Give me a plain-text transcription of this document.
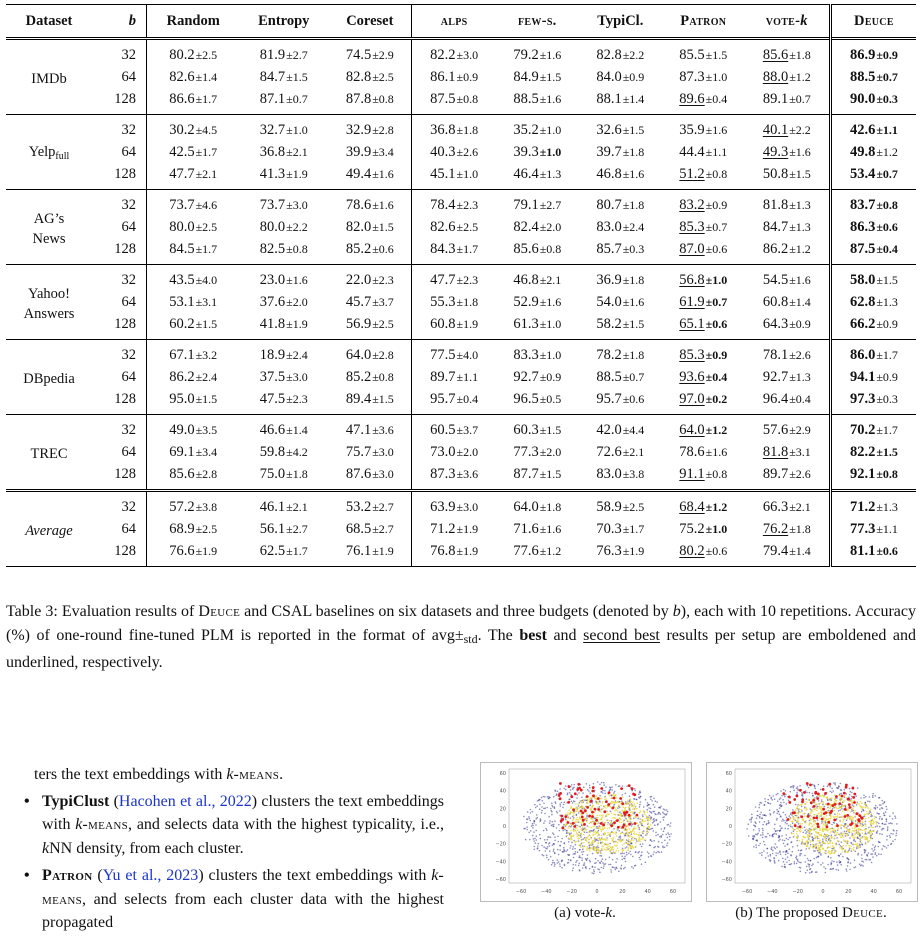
Dataset	b	Random	Entropy	Coreset	alps	few-s.	TypiCl.	Patron	vote-k	Deuce
IMDb	32	80.2±2.5	81.9±2.7	74.5±2.9	82.2±3.0	79.2±1.6	82.8±2.2	85.5±1.5	85.6±1.8	86.9±0.9
	64	82.6±1.4	84.7±1.5	82.8±2.5	86.1±0.9	84.9±1.5	84.0±0.9	87.3±1.0	88.0±1.2	88.5±0.7
	128	86.6±1.7	87.1±0.7	87.8±0.8	87.5±0.8	88.5±1.6	88.1±1.4	89.6±0.4	89.1±0.7	90.0±0.3
Yelp$_{full}$	32	30.2±4.5	32.7±1.0	32.9±2.8	36.8±1.8	35.2±1.0	32.6±1.5	35.9±1.6	40.1±2.2	42.6±1.1
	64	42.5±1.7	36.8±2.1	39.9±3.4	40.3±2.6	39.3±1.0	39.7±1.8	44.4±1.1	49.3±1.6	49.8±1.2
	128	47.7±2.1	41.3±1.9	49.4±1.6	45.1±1.0	46.4±1.3	46.8±1.6	51.2±0.8	50.8±1.5	53.4±0.7
AG’s
News	32	73.7±4.6	73.7±3.0	78.6±1.6	78.4±2.3	79.1±2.7	80.7±1.8	83.2±0.9	81.8±1.3	83.7±0.8
	64	80.0±2.5	80.0±2.2	82.0±1.5	82.6±2.5	82.4±2.0	83.0±2.4	85.3±0.7	84.7±1.3	86.3±0.6
	128	84.5±1.7	82.5±0.8	85.2±0.6	84.3±1.7	85.6±0.8	85.7±0.3	87.0±0.6	86.2±1.2	87.5±0.4
Yahoo!
Answers	32	43.5±4.0	23.0±1.6	22.0±2.3	47.7±2.3	46.8±2.1	36.9±1.8	56.8±1.0	54.5±1.6	58.0±1.5
	64	53.1±3.1	37.6±2.0	45.7±3.7	55.3±1.8	52.9±1.6	54.0±1.6	61.9±0.7	60.8±1.4	62.8±1.3
	128	60.2±1.5	41.8±1.9	56.9±2.5	60.8±1.9	61.3±1.0	58.2±1.5	65.1±0.6	64.3±0.9	66.2±0.9
DBpedia	32	67.1±3.2	18.9±2.4	64.0±2.8	77.5±4.0	83.3±1.0	78.2±1.8	85.3±0.9	78.1±2.6	86.0±1.7
	64	86.2±2.4	37.5±3.0	85.2±0.8	89.7±1.1	92.7±0.9	88.5±0.7	93.6±0.4	92.7±1.3	94.1±0.9
	128	95.0±1.5	47.5±2.3	89.4±1.5	95.7±0.4	96.5±0.5	95.7±0.6	97.0±0.2	96.4±0.4	97.3±0.3
TREC	32	49.0±3.5	46.6±1.4	47.1±3.6	60.5±3.7	60.3±1.5	42.0±4.4	64.0±1.2	57.6±2.9	70.2±1.7
	64	69.1±3.4	59.8±4.2	75.7±3.0	73.0±2.0	77.3±2.0	72.6±2.1	78.6±1.6	81.8±3.1	82.2±1.5
	128	85.6±2.8	75.0±1.8	87.6±3.0	87.3±3.6	87.7±1.5	83.0±3.8	91.1±0.8	89.7±2.6	92.1±0.8
Average	32	57.2±3.8	46.1±2.1	53.2±2.7	63.9±3.0	64.0±1.8	58.9±2.5	68.4±1.2	66.3±2.1	71.2±1.3
	64	68.9±2.5	56.1±2.7	68.5±2.7	71.2±1.9	71.6±1.6	70.3±1.7	75.2±1.0	76.2±1.8	77.3±1.1
	128	76.6±1.9	62.5±1.7	76.1±1.9	76.8±1.9	77.6±1.2	76.3±1.9	80.2±0.6	79.4±1.4	81.1±0.6
Table 3: Evaluation results of Deuce and CSAL baselines on six datasets and three budgets (denoted by b), each with 10 repetitions. Accuracy (%) of one-round fine-tuned PLM is reported in the format of $avg\pm_{std}$. The best and second best results per setup are emboldened and underlined, respectively.

ters the text embeddings with k-means.

• TypiClust (Hacohen et al., 2022) clusters the text embeddings with k-means, and selects data with the highest typicality, i.e., kNN density, from each cluster.
• Patron (Yu et al., 2023) clusters the text embeddings with k-means, and selects from each cluster data with the highest propagated
60
40
20
0
−20
−40
−60
−60	−40	−20	0	20	40	60
(a) vote-k.
60
40
20
0
−20
−40
−60
−60	−40	−20	0	20	40	60
(b) The proposed Deuce.
